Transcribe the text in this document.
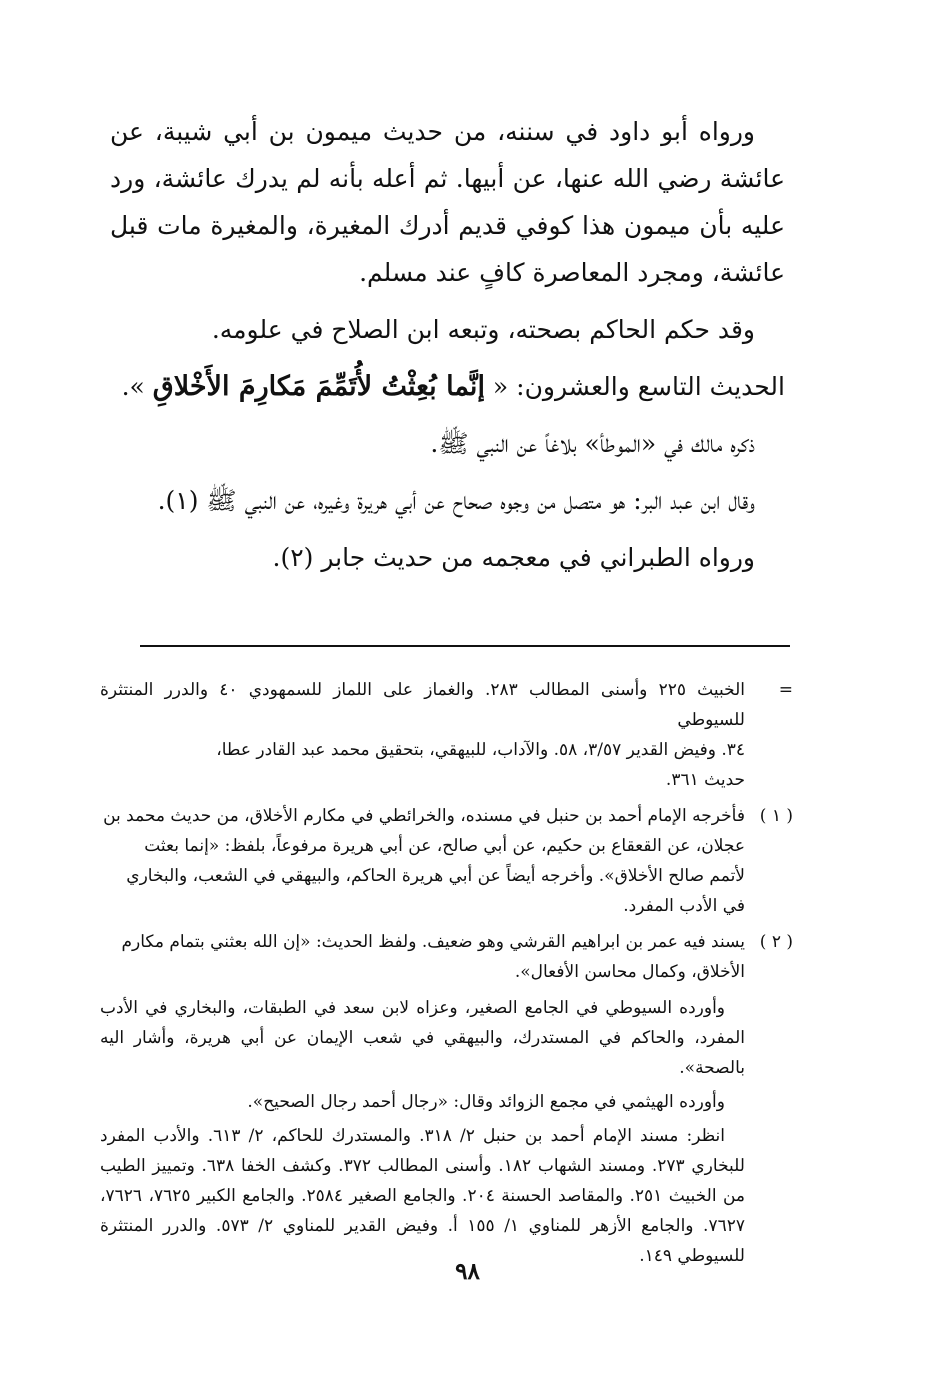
ورواه أبو داود في سننه، من حديث ميمون بن أبي شيبة، عن عائشة رضي الله عنها، عن أبيها. ثم أعله بأنه لم يدرك عائشة، ورد عليه بأن ميمون هذا كوفي قديم أدرك المغيرة، والمغيرة مات قبل عائشة، ومجرد المعاصرة كافٍ عند مسلم.

وقد حكم الحاكم بصحته، وتبعه ابن الصلاح في علومه.

الحديث التاسع والعشرون: « إنَّما بُعِثْتُ لأُتَمِّمَ مَكارِمَ الأَخْلاقِ ».

ذكره مالك في «الموطأ» بلاغاً عن النبي ﷺ.

وقال ابن عبد البر: هو متصل من وجوه صحاح عن أبي هريرة وغيره، عن النبي ﷺ (١).

ورواه الطبراني في معجمه من حديث جابر (٢).

=
الخبيث ٢٢٥ وأسنى المطالب ٢٨٣. والغماز على اللماز للسمهودي ٤٠ والدرر المنتثرة للسيوطي
٣٤. وفيض القدير ٣/٥٧، ٥٨. والآداب، للبيهقي، بتحقيق محمد عبد القادر عطا،
حديث ٣٦١.
( ١ )
فأخرجه الإمام أحمد بن حنبل في مسنده، والخرائطي في مكارم الأخلاق، من حديث محمد بن
عجلان، عن القعقاع بن حكيم، عن أبي صالح، عن أبي هريرة مرفوعاً، بلفظ: «إنما بعثت
لأتمم صالح الأخلاق». وأخرجه أيضاً عن أبي هريرة الحاكم، والبيهقي في الشعب، والبخاري
في الأدب المفرد.
( ٢ )
يسند فيه عمر بن ابراهيم القرشي وهو ضعيف. ولفظ الحديث: «إن الله بعثني بتمام مكارم
الأخلاق، وكمال محاسن الأفعال».

وأورده السيوطي في الجامع الصغير، وعزاه لابن سعد في الطبقات، والبخاري في الأدب المفرد، والحاكم في المستدرك، والبيهقي في شعب الإيمان عن أبي هريرة، وأشار اليه بالصحة».

وأورده الهيثمي في مجمع الزوائد وقال: «رجال أحمد رجال الصحيح».

انظر: مسند الإمام أحمد بن حنبل ٢/ ٣١٨. والمستدرك للحاكم، ٢/ ٦١٣. والأدب المفرد للبخاري ٢٧٣. ومسند الشهاب ١٨٢. وأسنى المطالب ٣٧٢. وكشف الخفا ٦٣٨. وتمييز الطيب من الخبيث ٢٥١. والمقاصد الحسنة ٢٠٤. والجامع الصغير ٢٥٨٤. والجامع الكبير ٧٦٢٥، ٧٦٢٦، ٧٦٢٧. والجامع الأزهر للمناوي ١/ ١٥٥ أ. وفيض القدير للمناوي ٢/ ٥٧٣. والدرر المنتثرة للسيوطي ١٤٩.

٩٨
